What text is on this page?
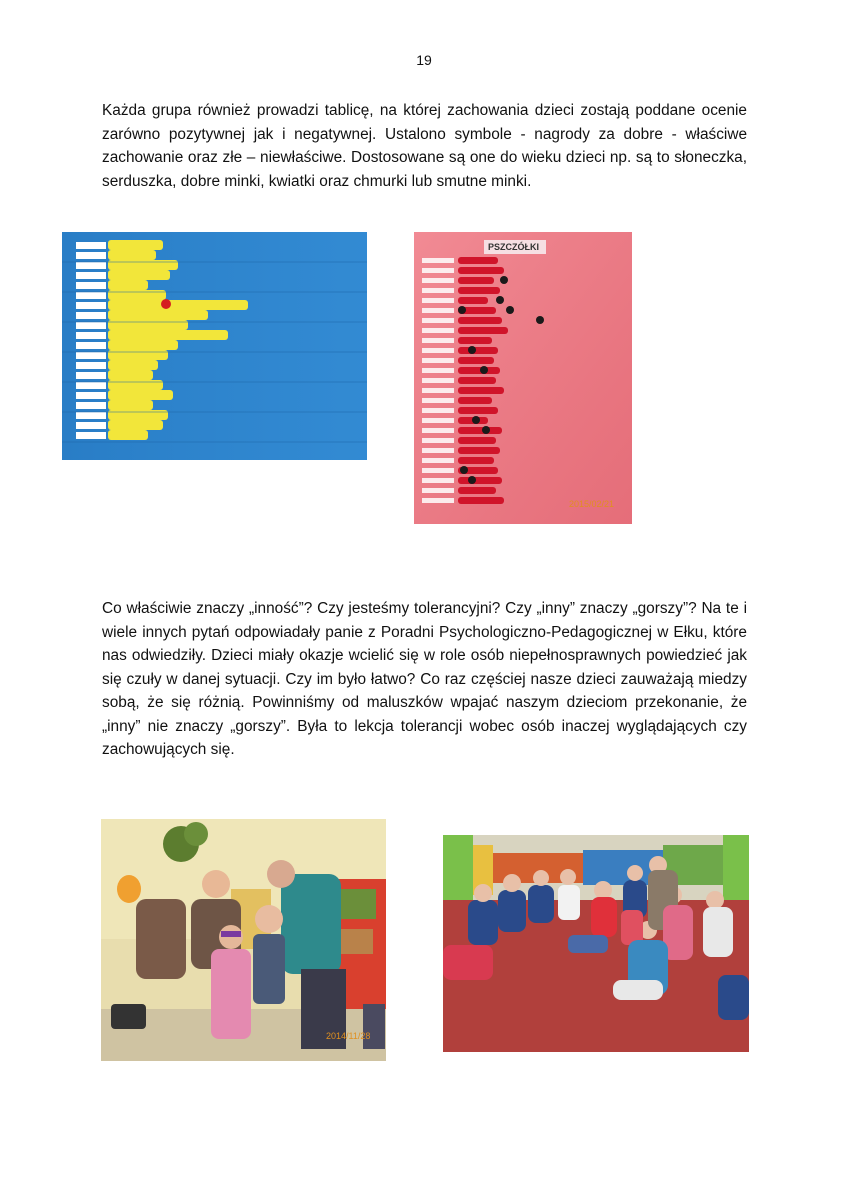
19
Każda grupa również prowadzi tablicę, na której zachowania dzieci zostają poddane ocenie zarówno pozytywnej jak i negatywnej. Ustalono symbole - nagrody za dobre - właściwe zachowanie oraz złe – niewłaściwe. Dostosowane są one do wieku dzieci np. są to słoneczka, serduszka, dobre minki, kwiatki oraz chmurki lub smutne minki.
PSZCZÓŁKI
2015/02/21
Co właściwie znaczy „inność”? Czy jesteśmy tolerancyjni? Czy „inny” znaczy „gorszy”? Na te i wiele innych pytań odpowiadały panie z Poradni Psychologiczno-Pedagogicznej w Ełku, które nas odwiedziły. Dzieci miały okazje wcielić się w role osób niepełnosprawnych powiedzieć jak się czuły w danej sytuacji. Czy im było łatwo? Co raz częściej nasze dzieci zauważają miedzy sobą, że się różnią. Powinniśmy od maluszków wpajać naszym dzieciom przekonanie, że „inny” nie znaczy „gorszy”. Była to lekcja tolerancji wobec osób inaczej wyglądających czy zachowujących się.
2014/11/28
